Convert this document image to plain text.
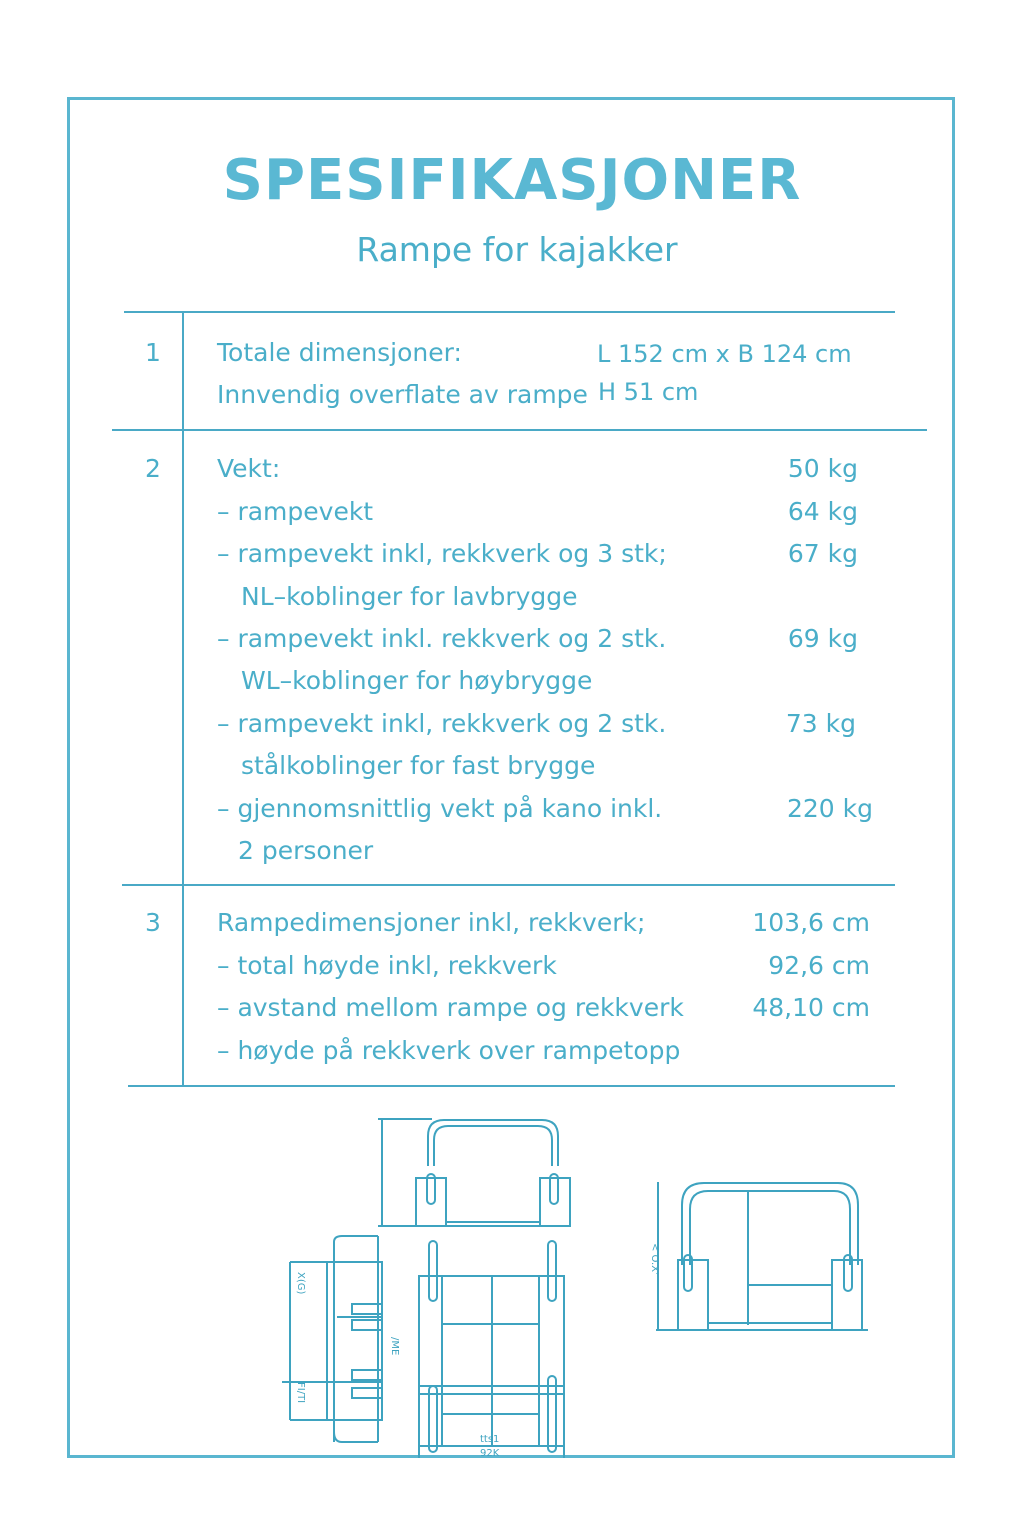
SPESIFIKASJONER
Rampe for kajakker
1 Totale dimensjoner:	L 152 cm x B 124 cm
Innvendig overflate av rampe H 51 cm
2 Vekt:	50 kg
– rampevekt	64 kg
– rampevekt inkl, rekkverk og 3 stk;	67 kg
NL–koblinger for lavbrygge
– rampevekt inkl. rekkverk og 2 stk.	69 kg
WL–koblinger for høybrygge
– rampevekt inkl, rekkverk og 2 stk.	73 kg
stålkoblinger for fast brygge
– gjennomsnittlig vekt på kano inkl.	220 kg
2 personer
3 Rampedimensjoner inkl, rekkverk;	103,6 cm
– total høyde inkl, rekkverk	92,6 cm
– avstand mellom rampe og rekkverk	48,10 cm
– høyde på rekkverk over rampetopp
X(G)
FI/TI
/ME
tts1
92K
< O.X'
